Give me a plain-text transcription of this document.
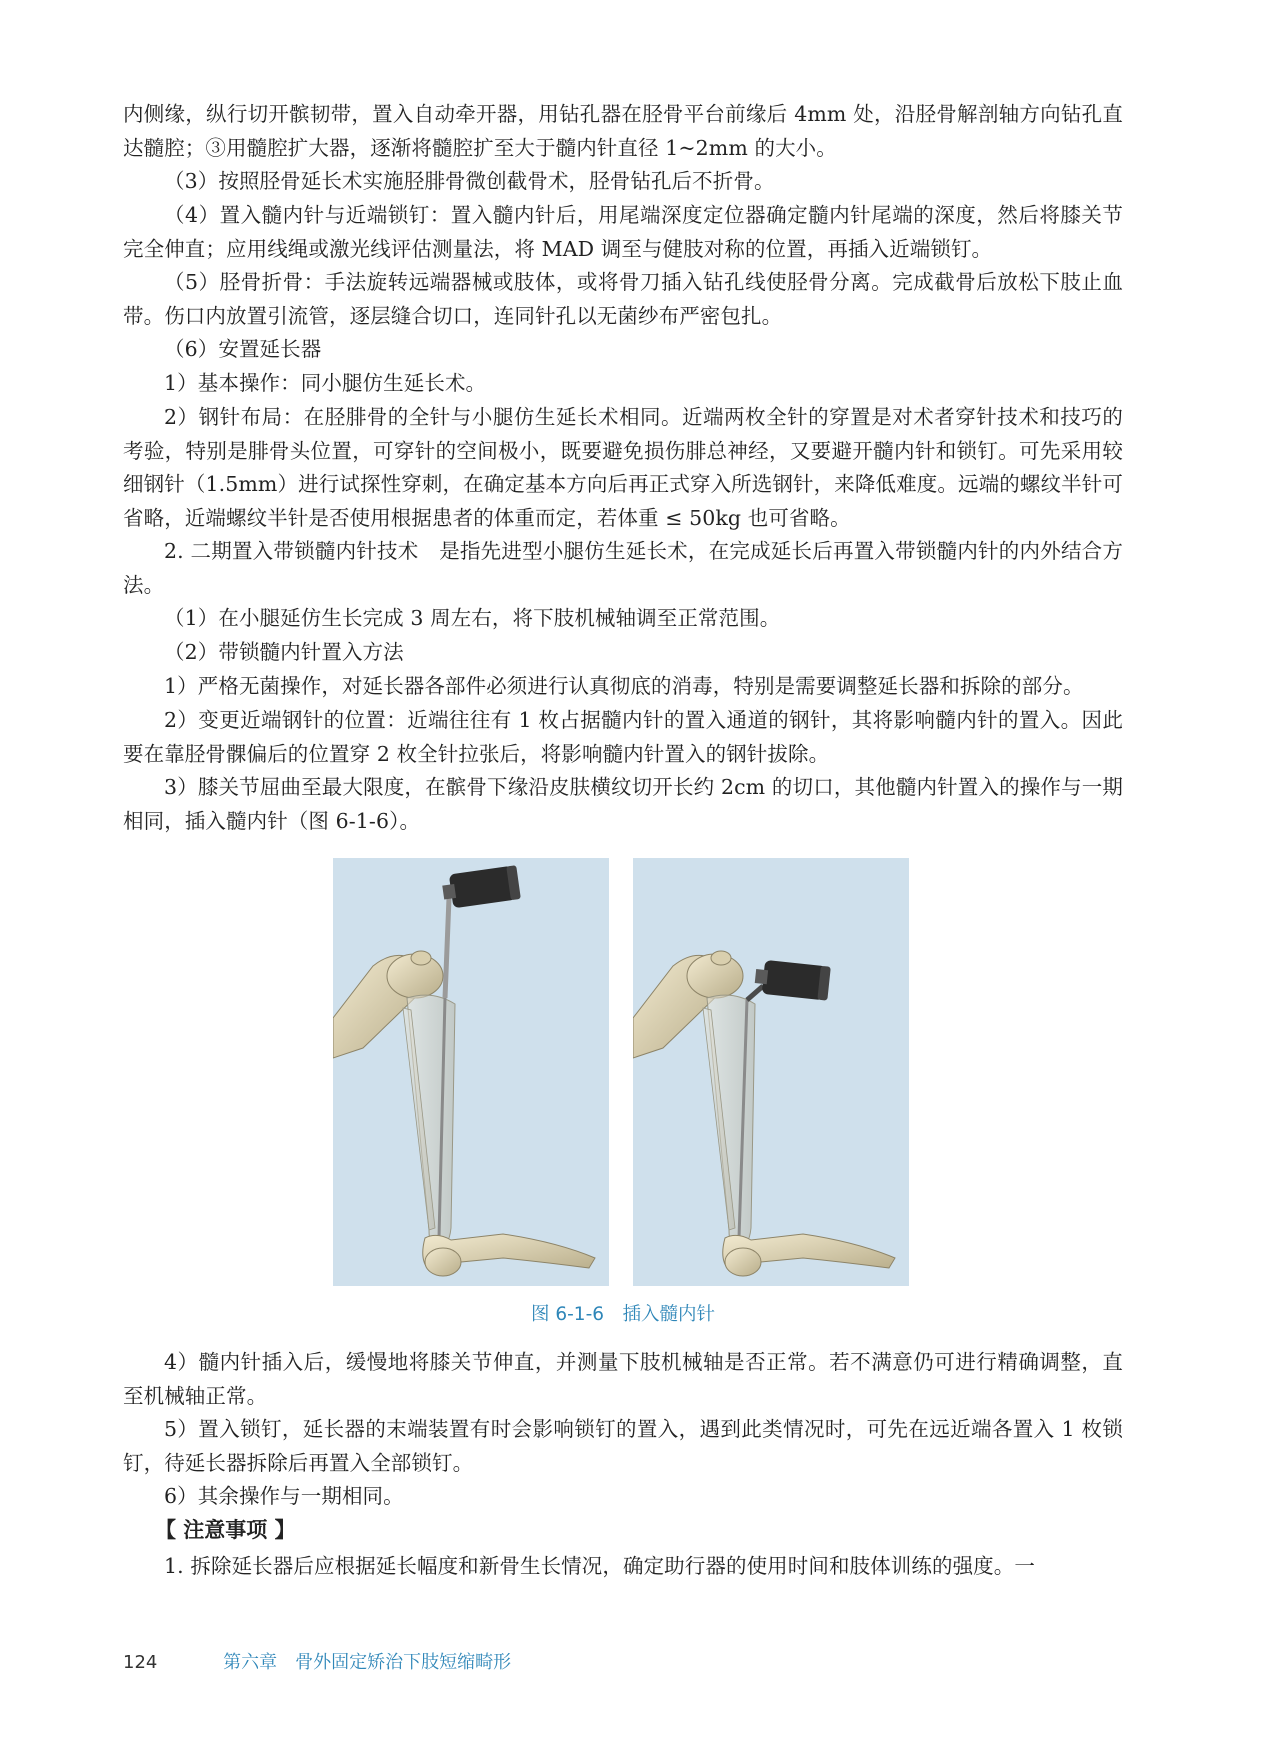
内侧缘，纵行切开髌韧带，置入自动牵开器，用钻孔器在胫骨平台前缘后 4mm 处，沿胫骨解剖轴方向钻孔直达髓腔；③用髓腔扩大器，逐渐将髓腔扩至大于髓内针直径 1~2mm 的大小。

（3）按照胫骨延长术实施胫腓骨微创截骨术，胫骨钻孔后不折骨。

（4）置入髓内针与近端锁钉：置入髓内针后，用尾端深度定位器确定髓内针尾端的深度，然后将膝关节完全伸直；应用线绳或激光线评估测量法，将 MAD 调至与健肢对称的位置，再插入近端锁钉。

（5）胫骨折骨：手法旋转远端器械或肢体，或将骨刀插入钻孔线使胫骨分离。完成截骨后放松下肢止血带。伤口内放置引流管，逐层缝合切口，连同针孔以无菌纱布严密包扎。

（6）安置延长器

1）基本操作：同小腿仿生延长术。

2）钢针布局：在胫腓骨的全针与小腿仿生延长术相同。近端两枚全针的穿置是对术者穿针技术和技巧的考验，特别是腓骨头位置，可穿针的空间极小，既要避免损伤腓总神经，又要避开髓内针和锁钉。可先采用较细钢针（1.5mm）进行试探性穿刺，在确定基本方向后再正式穿入所选钢针，来降低难度。远端的螺纹半针可省略，近端螺纹半针是否使用根据患者的体重而定，若体重 ≤ 50kg 也可省略。

2. 二期置入带锁髓内针技术　是指先进型小腿仿生延长术，在完成延长后再置入带锁髓内针的内外结合方法。

（1）在小腿延仿生长完成 3 周左右，将下肢机械轴调至正常范围。

（2）带锁髓内针置入方法

1）严格无菌操作，对延长器各部件必须进行认真彻底的消毒，特别是需要调整延长器和拆除的部分。

2）变更近端钢针的位置：近端往往有 1 枚占据髓内针的置入通道的钢针，其将影响髓内针的置入。因此要在靠胫骨髁偏后的位置穿 2 枚全针拉张后，将影响髓内针置入的钢针拔除。

3）膝关节屈曲至最大限度，在髌骨下缘沿皮肤横纹切开长约 2cm 的切口，其他髓内针置入的操作与一期相同，插入髓内针（图 6-1-6）。

图 6-1-6　插入髓内针

4）髓内针插入后，缓慢地将膝关节伸直，并测量下肢机械轴是否正常。若不满意仍可进行精确调整，直至机械轴正常。

5）置入锁钉，延长器的末端装置有时会影响锁钉的置入，遇到此类情况时，可先在远近端各置入 1 枚锁钉，待延长器拆除后再置入全部锁钉。

6）其余操作与一期相同。

【 注意事项 】

1. 拆除延长器后应根据延长幅度和新骨生长情况，确定助行器的使用时间和肢体训练的强度。一

124	第六章　骨外固定矫治下肢短缩畸形
